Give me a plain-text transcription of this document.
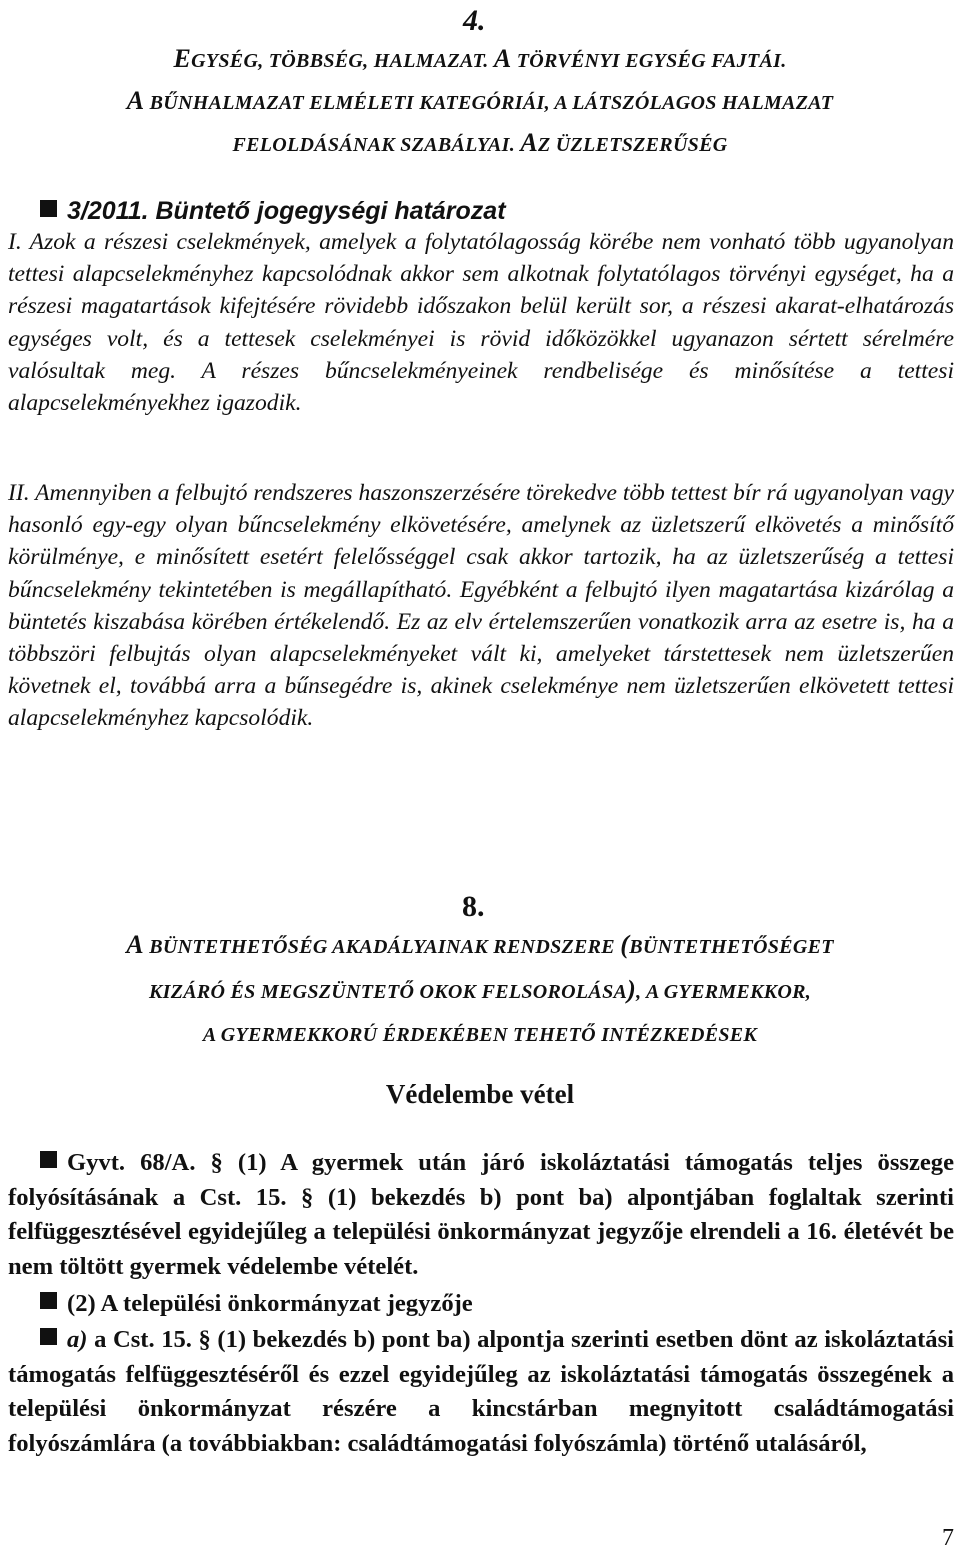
4.
EGYSÉG, TÖBBSÉG, HALMAZAT. A TÖRVÉNYI EGYSÉG FAJTÁI.
A BŰNHALMAZAT ELMÉLETI KATEGÓRIÁI, A LÁTSZÓLAGOS HALMAZAT
FELOLDÁSÁNAK SZABÁLYAI. AZ ÜZLETSZERŰSÉG
3/2011. Büntető jogegységi határozat

I. Azok a részesi cselekmények, amelyek a folytatólagosság körébe nem vonható több ugyanolyan tettesi alapcselekményhez kapcsolódnak akkor sem alkotnak folytatólagos törvényi egységet, ha a részesi magatartások kifejtésére rövidebb időszakon belül került sor, a részesi akarat-elhatározás egységes volt, és a tettesek cselekményei is rövid időközökkel ugyanazon sértett sérelmére valósultak meg. A részes bűncselekményeinek rendbelisége és minősítése a tettesi alapcselekményekhez igazodik.

II. Amennyiben a felbujtó rendszeres haszonszerzésére törekedve több tettest bír rá ugyanolyan vagy hasonló egy-egy olyan bűncselekmény elkövetésére, amelynek az üzletszerű elkövetés a minősítő körülménye, e minősített esetért felelősséggel csak akkor tartozik, ha az üzletszerűség a tettesi bűncselekmény tekintetében is megállapítható. Egyébként a felbujtó ilyen magatartása kizárólag a büntetés kiszabása körében értékelendő. Ez az elv értelemszerűen vonatkozik arra az esetre is, ha a többszöri felbujtás olyan alapcselekményeket vált ki, amelyeket társtettesek nem üzletszerűen követnek el, továbbá arra a bűnsegédre is, akinek cselekménye nem üzletszerűen elkövetett tettesi alapcselekményhez kapcsolódik.

8.
A BÜNTETHETŐSÉG AKADÁLYAINAK RENDSZERE (BÜNTETHETŐSÉGET
KIZÁRÓ ÉS MEGSZÜNTETŐ OKOK FELSOROLÁSA), A GYERMEKKOR,
A GYERMEKKORÚ ÉRDEKÉBEN TEHETŐ INTÉZKEDÉSEK
Védelembe vétel

Gyvt. 68/A. § (1) A gyermek után járó iskoláztatási támogatás teljes összege folyósításának a Cst. 15. § (1) bekezdés b) pont ba) alpontjában foglaltak szerinti felfüggesztésével egyidejűleg a települési önkormányzat jegyzője elrendeli a 16. életévét be nem töltött gyermek védelembe vételét.

(2) A települési önkormányzat jegyzője

a) a Cst. 15. § (1) bekezdés b) pont ba) alpontja szerinti esetben dönt az iskoláztatási támogatás felfüggesztéséről és ezzel egyidejűleg az iskoláztatási támogatás összegének a települési önkormányzat részére a kincstárban megnyitott családtámogatási folyószámlára (a továbbiakban: családtámogatási folyószámla) történő utalásáról,

7
